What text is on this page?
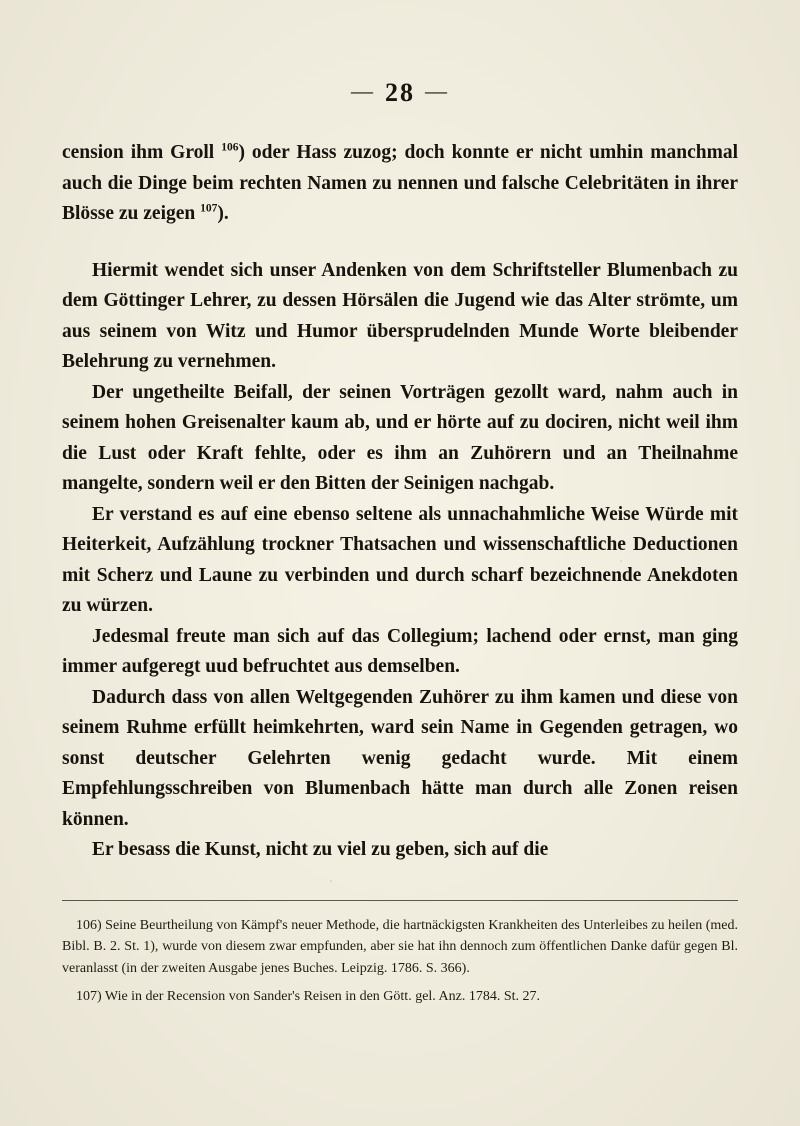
— 28 —

cension ihm Groll $^{106}$) oder Hass zuzog; doch konnte er nicht umhin manchmal auch die Dinge beim rechten Namen zu nennen und falsche Celebritäten in ihrer Blösse zu zeigen $^{107}$).

Hiermit wendet sich unser Andenken von dem Schriftsteller Blumenbach zu dem Göttinger Lehrer, zu dessen Hörsälen die Jugend wie das Alter strömte, um aus seinem von Witz und Humor übersprudelnden Munde Worte bleibender Belehrung zu vernehmen.

Der ungetheilte Beifall, der seinen Vorträgen gezollt ward, nahm auch in seinem hohen Greisenalter kaum ab, und er hörte auf zu dociren, nicht weil ihm die Lust oder Kraft fehlte, oder es ihm an Zuhörern und an Theilnahme mangelte, sondern weil er den Bitten der Seinigen nachgab.

Er verstand es auf eine ebenso seltene als unnachahmliche Weise Würde mit Heiterkeit, Aufzählung trockner Thatsachen und wissenschaftliche Deductionen mit Scherz und Laune zu verbinden und durch scharf bezeichnende Anekdoten zu würzen.

Jedesmal freute man sich auf das Collegium; lachend oder ernst, man ging immer aufgeregt uud befruchtet aus demselben.

Dadurch dass von allen Weltgegenden Zuhörer zu ihm kamen und diese von seinem Ruhme erfüllt heimkehrten, ward sein Name in Gegenden getragen, wo sonst deutscher Gelehrten wenig gedacht wurde. Mit einem Empfehlungsschreiben von Blumenbach hätte man durch alle Zonen reisen können.

Er besass die Kunst, nicht zu viel zu geben, sich auf die

106) Seine Beurtheilung von Kämpf's neuer Methode, die hartnäckigsten Krankheiten des Unterleibes zu heilen (med. Bibl. B. 2. St. 1), wurde von diesem zwar empfunden, aber sie hat ihn dennoch zum öffentlichen Danke dafür gegen Bl. veranlasst (in der zweiten Ausgabe jenes Buches. Leipzig. 1786. S. 366).

107) Wie in der Recension von Sander's Reisen in den Gött. gel. Anz. 1784. St. 27.
